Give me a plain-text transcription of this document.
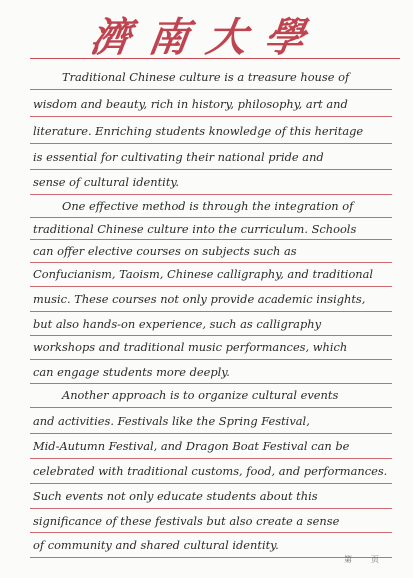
濟南大學
Traditional Chinese culture is a treasure house of
wisdom and beauty, rich in history, philosophy, art and
literature. Enriching students knowledge of this heritage
is essential for cultivating their national pride and
sense of cultural identity.
One effective method is through the integration of
traditional Chinese culture into the curriculum. Schools
can offer elective courses on subjects such as
Confucianism, Taoism, Chinese calligraphy, and traditional
music. These courses not only provide academic insights,
but also hands-on experience, such as calligraphy
workshops and traditional music performances, which
can engage students more deeply.
Another approach is to organize cultural events
and activities. Festivals like the Spring Festival,
Mid-Autumn Festival, and Dragon Boat Festival can be
celebrated with traditional customs, food, and performances.
Such events not only educate students about this
significance of these festivals but also create a sense
of community and shared cultural identity.
第 页
